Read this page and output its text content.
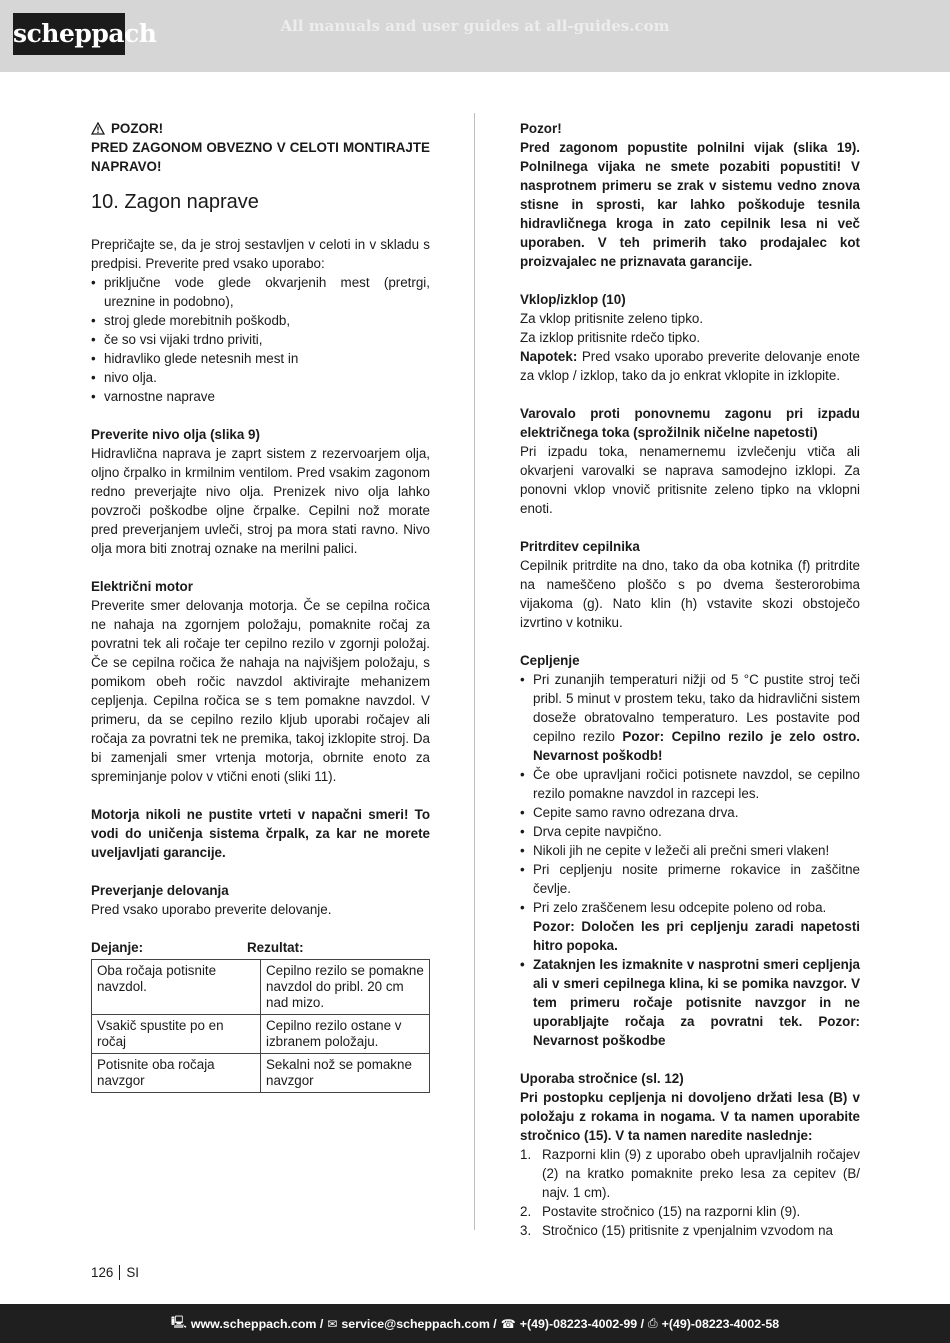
scheppach	All manuals and user guides at all-guides.com
POZOR!

PRED ZAGONOM OBVEZNO V CELOTI MONTIRAJTE NAPRAVO!

10. Zagon naprave

Prepričajte se, da je stroj sestavljen v celoti in v skladu s predpisi. Preverite pred vsako uporabo:

• priključne vode glede okvarjenih mest (pretrgi, ureznine in podobno),
• stroj glede morebitnih poškodb,
• če so vsi vijaki trdno priviti,
• hidravliko glede netesnih mest in
• nivo olja.
• varnostne naprave

Preverite nivo olja (slika 9)

Hidravlična naprava je zaprt sistem z rezervoarjem olja, oljno črpalko in krmilnim ventilom. Pred vsakim zagonom redno preverjajte nivo olja. Prenizek nivo olja lahko povzroči poškodbe oljne črpalke. Cepilni nož morate pred preverjanjem uvleči, stroj pa mora stati ravno. Nivo olja mora biti znotraj oznake na merilni palici.

Električni motor

Preverite smer delovanja motorja. Če se cepilna ročica ne nahaja na zgornjem položaju, pomaknite ročaj za povratni tek ali ročaje ter cepilno rezilo v zgornji položaj. Če se cepilna ročica že nahaja na najvišjem položaju, s pomikom obeh ročic navzdol aktivirajte mehanizem cepljenja. Cepilna ročica se s tem pomakne navzdol. V primeru, da se cepilno rezilo kljub uporabi ročajev ali ročaja za povratni tek ne premika, takoj izklopite stroj. Da bi zamenjali smer vrtenja motorja, obrnite enoto za spreminjanje polov v vtični enoti (sliki 11).

Motorja nikoli ne pustite vrteti v napačni smeri! To vodi do uničenja sistema črpalk, za kar ne morete uveljavljati garancije.

Preverjanje delovanja

Pred vsako uporabo preverite delovanje.

Dejanje:	Rezultat:
Oba ročaja potisnite navzdol.	Cepilno rezilo se pomakne navzdol do pribl. 20 cm nad mizo.
Vsakič spustite po en ročaj	Cepilno rezilo ostane v izbranem položaju.
Potisnite oba ročaja navzgor	Sekalni nož se pomakne navzgor

Pozor!

Pred zagonom popustite polnilni vijak (slika 19). Polnilnega vijaka ne smete pozabiti popustiti! V nasprotnem primeru se zrak v sistemu vedno znova stisne in sprosti, kar lahko poškoduje tesnila hidravličnega kroga in zato cepilnik lesa ni več uporaben. V teh primerih tako prodajalec kot proizvajalec ne priznavata garancije.

Vklop/izklop (10)

Za vklop pritisnite zeleno tipko.

Za izklop pritisnite rdečo tipko.

Napotek: Pred vsako uporabo preverite delovanje enote za vklop / izklop, tako da jo enkrat vklopite in izklopite.

Varovalo proti ponovnemu zagonu pri izpadu električnega toka (sprožilnik ničelne napetosti)

Pri izpadu toka, nenamernemu izvlečenju vtiča ali okvarjeni varovalki se naprava samodejno izklopi. Za ponovni vklop vnovič pritisnite zeleno tipko na vklopni enoti.

Pritrditev cepilnika

Cepilnik pritrdite na dno, tako da oba kotnika (f) pritrdite na nameščeno ploščo s po dvema šesterorobima vijakoma (g). Nato klin (h) vstavite skozi obstoječo izvrtino v kotniku.

Cepljenje

• Pri zunanjih temperaturi nižji od 5 °C pustite stroj teči pribl. 5 minut v prostem teku, tako da hidravlični sistem doseže obratovalno temperaturo. Les postavite pod cepilno rezilo Pozor: Cepilno rezilo je zelo ostro. Nevarnost poškodb!
• Če obe upravljani ročici potisnete navzdol, se cepilno rezilo pomakne navzdol in razcepi les.
• Cepite samo ravno odrezana drva.
• Drva cepite navpično.
• Nikoli jih ne cepite v ležeči ali prečni smeri vlaken!
• Pri cepljenju nosite primerne rokavice in zaščitne čevlje.
• Pri zelo zraščenem lesu odcepite poleno od roba.
Pozor: Določen les pri cepljenju zaradi napetosti hitro popoka.
• Zataknjen les izmaknite v nasprotni smeri cepljenja ali v smeri cepilnega klina, ki se pomika navzgor. V tem primeru ročaje potisnite navzgor in ne uporabljajte ročaja za povratni tek. Pozor: Nevarnost poškodbe

Uporaba stročnice (sl. 12)

Pri postopku cepljenja ni dovoljeno držati lesa (B) v položaju z rokama in nogama. V ta namen uporabite stročnico (15). V ta namen naredite naslednje:

1. Razporni klin (9) z uporabo obeh upravljalnih ročajev (2) na kratko pomaknite preko lesa za cepitev (B/ najv. 1 cm).
2. Postavite stročnico (15) na razporni klin (9).
3. Stročnico (15) pritisnite z vpenjalnim vzvodom na
126 SI
🖳 www.scheppach.com / ✉ service@scheppach.com / ☎ +(49)-08223-4002-99 / ⎙ +(49)-08223-4002-58
